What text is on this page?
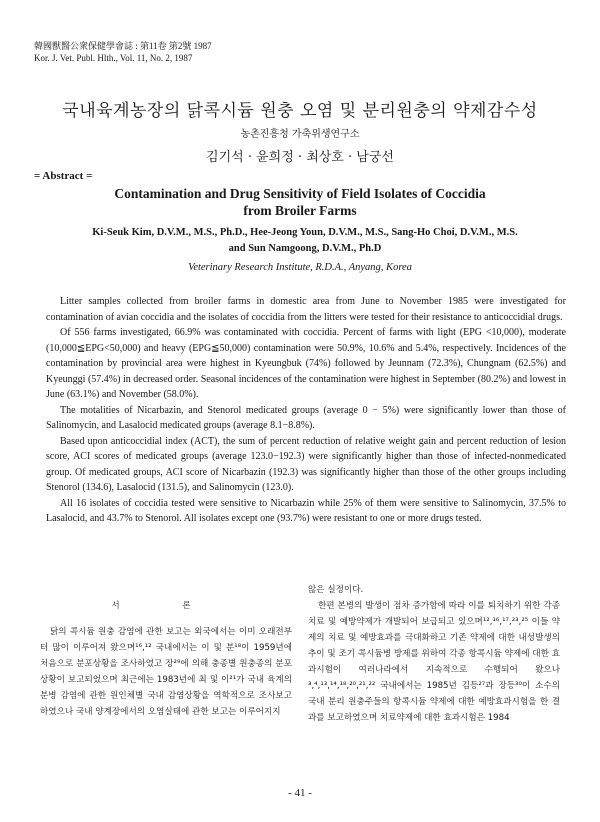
韓國獸醫公衆保健學會誌 : 第11卷 第2號 1987
Kor. J. Vet. Publ. Hlth., Vol. 11, No. 2, 1987
국내육계농장의 닭콕시듐 원충 오염 및 분리원충의 약제감수성
농촌진흥청 가축위생연구소
김기석 · 윤희정 · 최상호 · 남궁선
= Abstract =
Contamination and Drug Sensitivity of Field Isolates of Coccidia
from Broiler Farms
Ki-Seuk Kim, D.V.M., M.S., Ph.D., Hee-Jeong Youn, D.V.M., M.S., Sang-Ho Choi, D.V.M., M.S.
and Sun Namgoong, D.V.M., Ph.D
Veterinary Research Institute, R.D.A., Anyang, Korea

Litter samples collected from broiler farms in domestic area from June to November 1985 were investigated for contamination of avian coccidia and the isolates of coccidia from the litters were tested for their resistance to anticoccidial drugs.

Of 556 farms investigated, 66.9% was contaminated with coccidia. Percent of farms with light (EPG <10,000), moderate (10,000≦EPG<50,000) and heavy (EPG≦50,000) contamination were 50.9%, 10.6% and 5.4%, respectively. Incidences of the contamination by provincial area were highest in Kyeungbuk (74%) followed by Jeunnam (72.3%), Chungnam (62.5%) and Kyeunggi (57.4%) in decreased order. Seasonal incidences of the contamination were highest in September (80.2%) and lowest in June (63.1%) and November (58.0%).

The motalities of Nicarbazin, and Stenorol medicated groups (average 0 − 5%) were significantly lower than those of Salinomycin, and Lasalocid medicated groups (average 8.1−8.8%).

Based upon anticoccidial index (ACT), the sum of percent reduction of relative weight gain and percent reduction of lesion score, ACI scores of medicated groups (average 123.0−192.3) were significantly higher than those of infected-nonmedicated group. Of medicated groups, ACI score of Nicarbazin (192.3) was significantly higher than those of the other groups including Stenorol (134.6), Lasalocid (131.5), and Salinomycin (123.0).

All 16 isolates of coccidia tested were sensitive to Nicarbazin while 25% of them were sensitive to Salinomycin, 37.5% to Lasalocid, and 43.7% to Stenorol. All isolates except one (93.7%) were resistant to one or more drugs tested.

서 론

닭의 콕시듐 원충 감염에 관한 보고는 외국에서는 이미 오래전부터 많이 이루어져 왔으며¹⁶,¹² 국내에서는 이 및 분¹⁸이 1959년에 처음으로 분포상황을 조사하였고 장²⁹에 의해 충종별 원충종의 분포상황이 보고되었으며 최근에는 1983년에 최 및 이²¹가 국내 육계의 분병 감염에 관한 원인체별 국내 감염상황을 역학적으로 조사보고 하였으나 국내 양계장에서의 오염실태에 관한 보고는 이루어지지

않은 실정이다.

한편 본병의 발생이 점차 증가함에 따라 이를 퇴치하기 위한 각종 치료 및 예방약제가 개발되어 보급되고 있으며¹²,¹⁶,¹⁷,²³,²⁵ 이들 약제의 치료 및 예방효과를 극대화하고 기존 약제에 대한 내성발생의 추이 및 조기 콕시듐병 방제를 위하여 각종 항콕시듐 약제에 대한 효과시험이 여러나라에서 지속적으로 수행되어 왔으나³,⁴,¹³,¹⁴,¹⁸,²⁰,²¹,²² 국내에서는 1985년 김등²⁷과 장등³⁰이 소수의 국내 분리 원충주들의 항콕시듐 약제에 대한 예방효과시험을 한 결과를 보고하였으며 치료약제에 대한 효과시험은 1984

- 41 -
